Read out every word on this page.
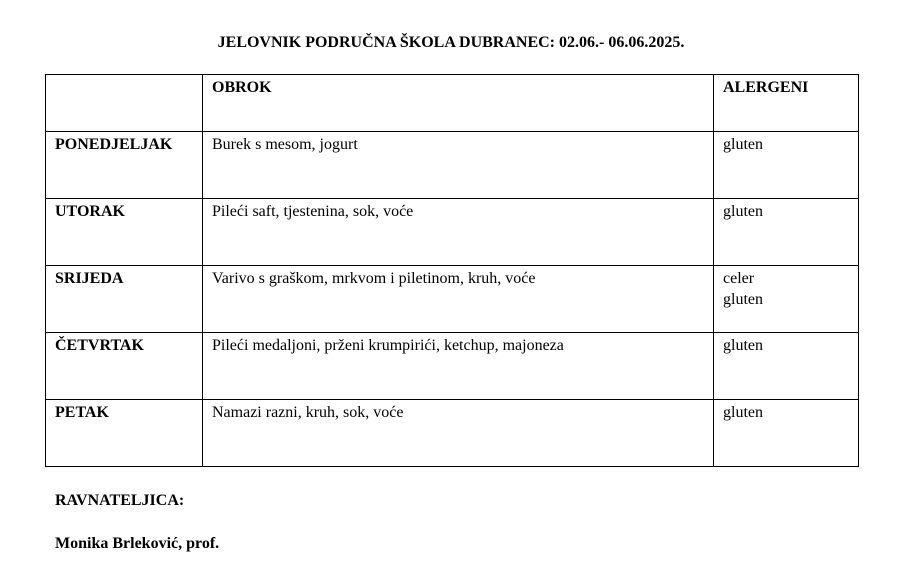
JELOVNIK PODRUČNA ŠKOLA DUBRANEC: 02.06.- 06.06.2025.
	OBROK	ALERGENI
PONEDJELJAK	Burek s mesom, jogurt	gluten

UTORAK	Pileći saft, tjestenina, sok, voće	gluten

SRIJEDA	Varivo s graškom, mrkvom i piletinom, kruh, voće	celer
gluten

ČETVRTAK	Pileći medaljoni, prženi krumpirići, ketchup, majoneza	gluten

PETAK	Namazi razni, kruh, sok, voće	gluten
RAVNATELJICA:
Monika Brleković, prof.
